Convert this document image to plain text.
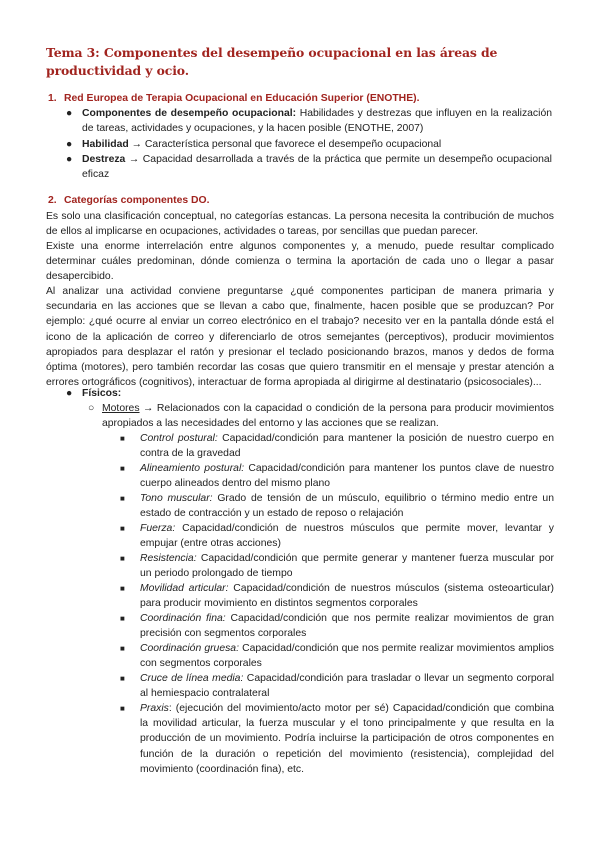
Tema 3: Componentes del desempeño ocupacional en las áreas de productividad y ocio.
1. Red Europea de Terapia Ocupacional en Educación Superior (ENOTHE).
● Componentes de desempeño ocupacional: Habilidades y destrezas que influyen en la realización de tareas, actividades y ocupaciones, y la hacen posible (ENOTHE, 2007)
● Habilidad → Característica personal que favorece el desempeño ocupacional
● Destreza → Capacidad desarrollada a través de la práctica que permite un desempeño ocupacional eficaz
2. Categorías componentes DO.
Es solo una clasificación conceptual, no categorías estancas. La persona necesita la contribución de muchos de ellos al implicarse en ocupaciones, actividades o tareas, por sencillas que puedan parecer.
Existe una enorme interrelación entre algunos componentes y, a menudo, puede resultar complicado determinar cuáles predominan, dónde comienza o termina la aportación de cada uno o llegar a pasar desapercibido.
Al analizar una actividad conviene preguntarse ¿qué componentes participan de manera primaria y secundaria en las acciones que se llevan a cabo que, finalmente, hacen posible que se produzcan? Por ejemplo: ¿qué ocurre al enviar un correo electrónico en el trabajo? necesito ver en la pantalla dónde está el icono de la aplicación de correo y diferenciarlo de otros semejantes (perceptivos), producir movimientos apropiados para desplazar el ratón y presionar el teclado posicionando brazos, manos y dedos de forma óptima (motores), pero también recordar las cosas que quiero transmitir en el mensaje y prestar atención a errores ortográficos (cognitivos), interactuar de forma apropiada al dirigirme al destinatario (psicosociales)...
● Físicos:
○ Motores → Relacionados con la capacidad o condición de la persona para producir movimientos apropiados a las necesidades del entorno y las acciones que se realizan.
■ Control postural: Capacidad/condición para mantener la posición de nuestro cuerpo en contra de la gravedad
■ Alineamiento postural: Capacidad/condición para mantener los puntos clave de nuestro cuerpo alineados dentro del mismo plano
■ Tono muscular: Grado de tensión de un músculo, equilibrio o término medio entre un estado de contracción y un estado de reposo o relajación
■ Fuerza: Capacidad/condición de nuestros músculos que permite mover, levantar y empujar (entre otras acciones)
■ Resistencia: Capacidad/condición que permite generar y mantener fuerza muscular por un periodo prolongado de tiempo
■ Movilidad articular: Capacidad/condición de nuestros músculos (sistema osteoarticular) para producir movimiento en distintos segmentos corporales
■ Coordinación fina: Capacidad/condición que nos permite realizar movimientos de gran precisión con segmentos corporales
■ Coordinación gruesa: Capacidad/condición que nos permite realizar movimientos amplios con segmentos corporales
■ Cruce de línea media: Capacidad/condición para trasladar o llevar un segmento corporal al hemiespacio contralateral
■ Praxis: (ejecución del movimiento/acto motor per sé) Capacidad/condición que combina la movilidad articular, la fuerza muscular y el tono principalmente y que resulta en la producción de un movimiento. Podría incluirse la participación de otros componentes en función de la duración o repetición del movimiento (resistencia), complejidad del movimiento (coordinación fina), etc.
